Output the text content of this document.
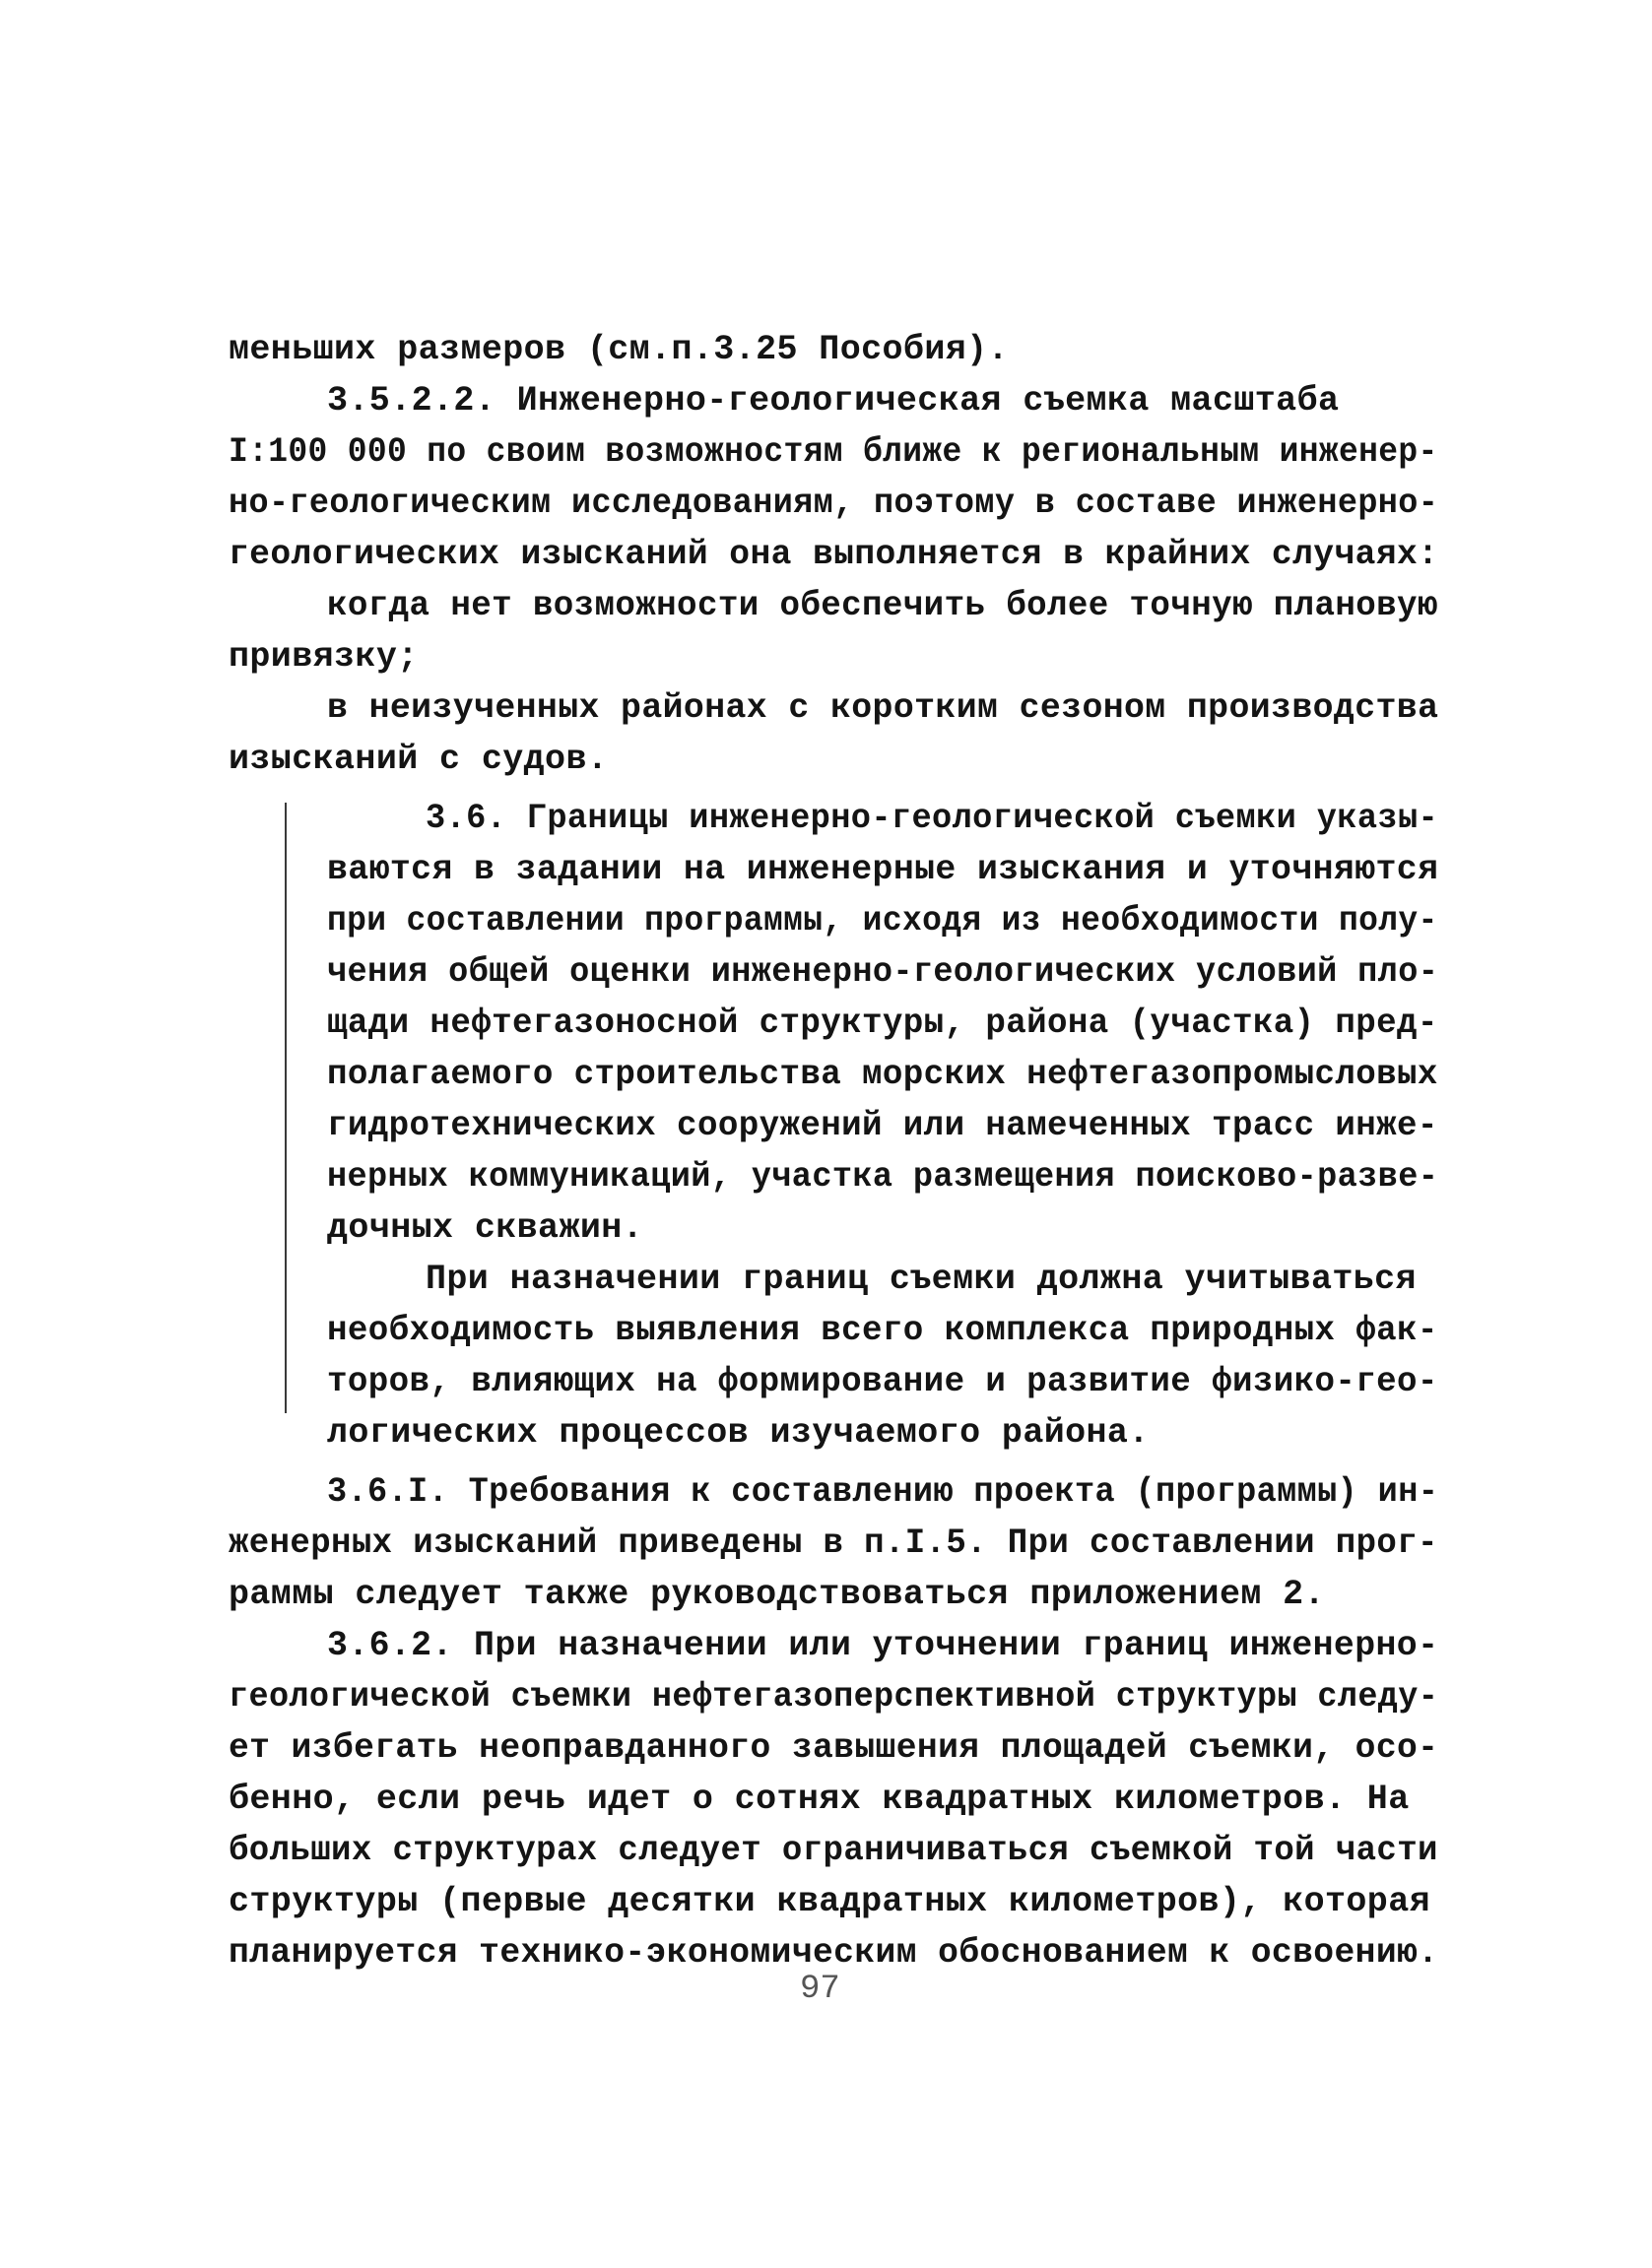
меньших размеров (см.п.3.25 Пособия).
3.5.2.2. Инженерно-геологическая съемка масштаба
I:100 000 по своим возможностям ближе к региональным инженер-
но-геологическим исследованиям, поэтому в составе инженерно-
геологических изысканий она выполняется в крайних случаях:
когда нет возможности обеспечить более точную плановую
привязку;
в неизученных районах с коротким сезоном производства
изысканий с судов.
3.6. Границы инженерно-геологической съемки указы-
ваются в задании на инженерные изыскания и уточняются
при составлении программы, исходя из необходимости полу-
чения общей оценки инженерно-геологических условий пло-
щади нефтегазоносной структуры, района (участка) пред-
полагаемого строительства морских нефтегазопромысловых
гидротехнических сооружений или намеченных трасс инже-
нерных коммуникаций, участка размещения поисково-разве-
дочных скважин.
При назначении границ съемки должна учитываться
необходимость выявления всего комплекса природных фак-
торов, влияющих на формирование и развитие физико-гео-
логических процессов изучаемого района.
3.6.I. Требования к составлению проекта (программы) ин-
женерных изысканий приведены в п.I.5. При составлении прог-
раммы следует также руководствоваться приложением 2.
3.6.2. При назначении или уточнении границ инженерно-
геологической съемки нефтегазоперспективной структуры следу-
ет избегать неоправданного завышения площадей съемки, осо-
бенно, если речь идет о сотнях квадратных километров. На
больших структурах следует ограничиваться съемкой той части
структуры (первые десятки квадратных километров), которая
планируется технико-экономическим обоснованием к освоению.
97
